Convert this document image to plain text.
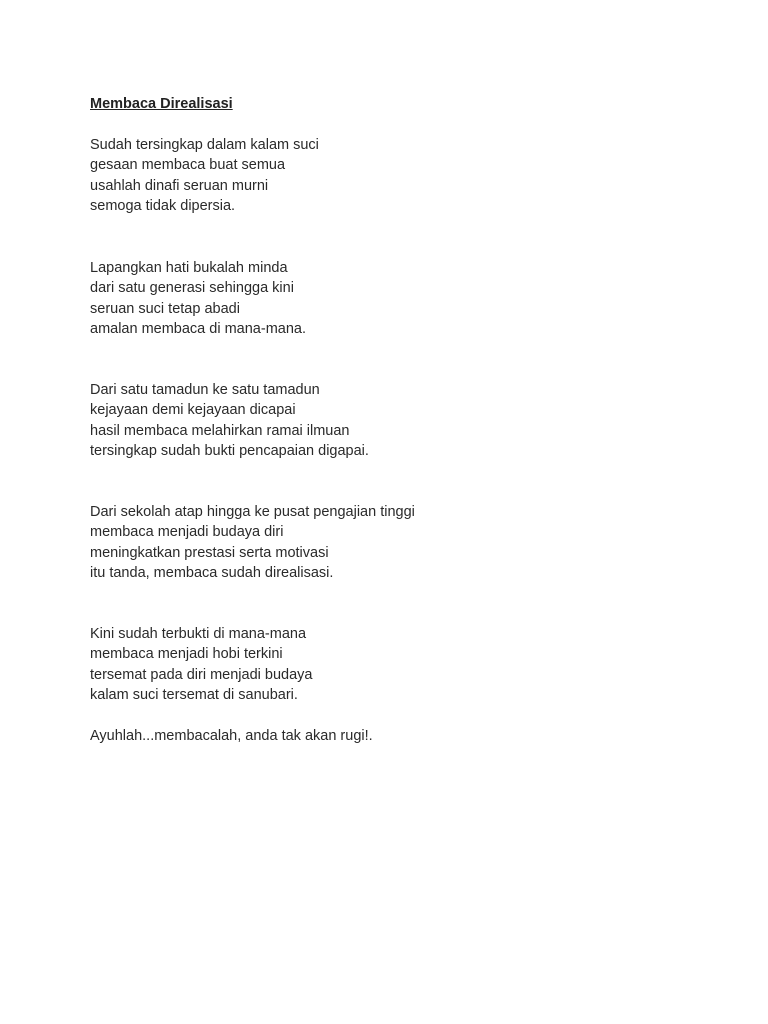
Membaca Direalisasi
Sudah tersingkap dalam kalam suci
gesaan membaca buat semua
usahlah dinafi seruan murni
semoga tidak dipersia.
Lapangkan hati bukalah minda
dari satu generasi sehingga kini
seruan suci tetap abadi
amalan membaca di mana-mana.
Dari satu tamadun ke satu tamadun
kejayaan demi kejayaan dicapai
hasil membaca melahirkan ramai ilmuan
tersingkap sudah bukti pencapaian digapai.
Dari sekolah atap hingga ke pusat pengajian tinggi
membaca menjadi budaya diri
meningkatkan prestasi serta motivasi
itu tanda, membaca sudah direalisasi.
Kini sudah terbukti di mana-mana
membaca menjadi hobi terkini
tersemat pada diri menjadi budaya
kalam suci tersemat di sanubari.
Ayuhlah...membacalah, anda tak akan rugi!.
